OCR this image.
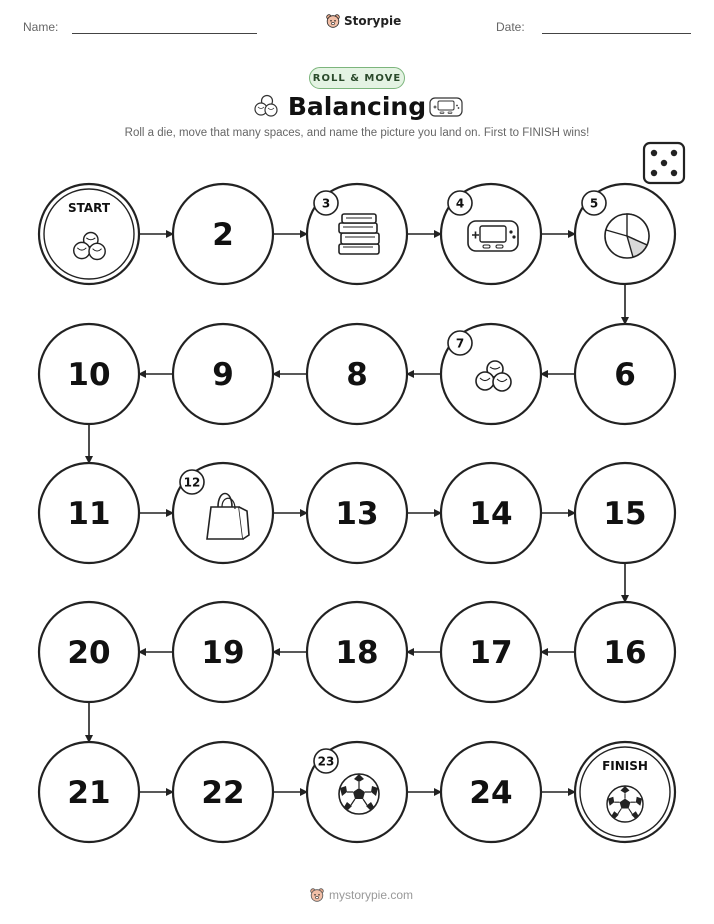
Name:	Date:
Storypie
ROLL & MOVE
Balancing
Roll a die, move that many spaces, and name the picture you land on. First to FINISH wins!
START
2
3	4	5
6
7
8
9
10
11
12
13	14	15
16
17
18
19
20
21	22
23
24
FINISH
mystorypie.com
